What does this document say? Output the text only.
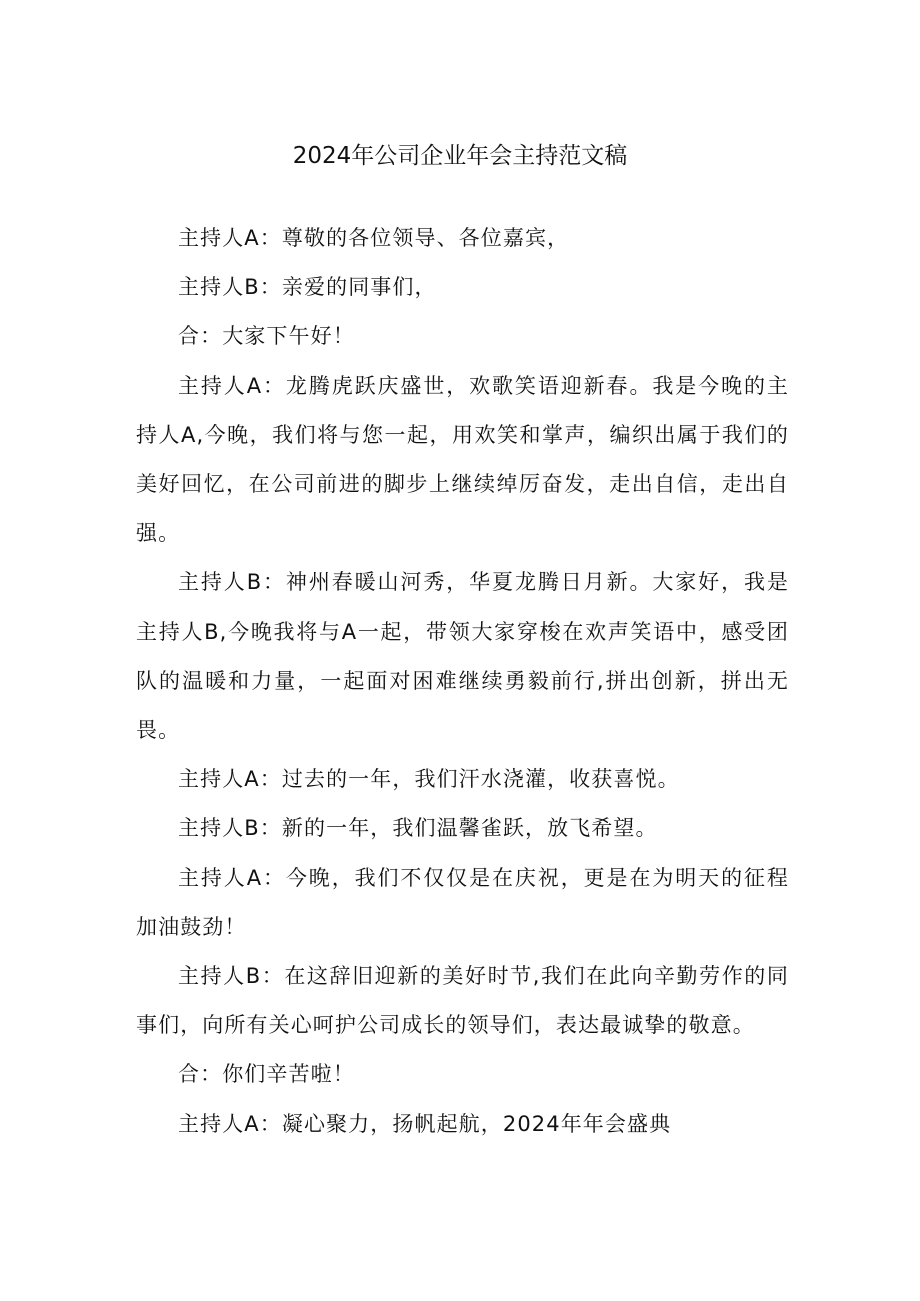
2024年公司企业年会主持范文稿

主持人A：尊敬的各位领导、各位嘉宾，

主持人B：亲爱的同事们，

合：大家下午好！

主持人A：龙腾虎跃庆盛世，欢歌笑语迎新春。我是今晚的主持人A,今晚，我们将与您一起，用欢笑和掌声，编织出属于我们的美好回忆，在公司前进的脚步上继续绰厉奋发，走出自信，走出自强。

主持人B：神州春暖山河秀，华夏龙腾日月新。大家好，我是主持人B,今晚我将与A一起，带领大家穿梭在欢声笑语中，感受团队的温暖和力量，一起面对困难继续勇毅前行,拼出创新，拼出无畏。

主持人A：过去的一年，我们汗水浇灌，收获喜悦。

主持人B：新的一年，我们温馨雀跃，放飞希望。

主持人A：今晚，我们不仅仅是在庆祝，更是在为明天的征程加油鼓劲！

主持人B：在这辞旧迎新的美好时节,我们在此向辛勤劳作的同事们，向所有关心呵护公司成长的领导们，表达最诚挚的敬意。

合：你们辛苦啦！

主持人A：凝心聚力，扬帆起航，2024年年会盛典
